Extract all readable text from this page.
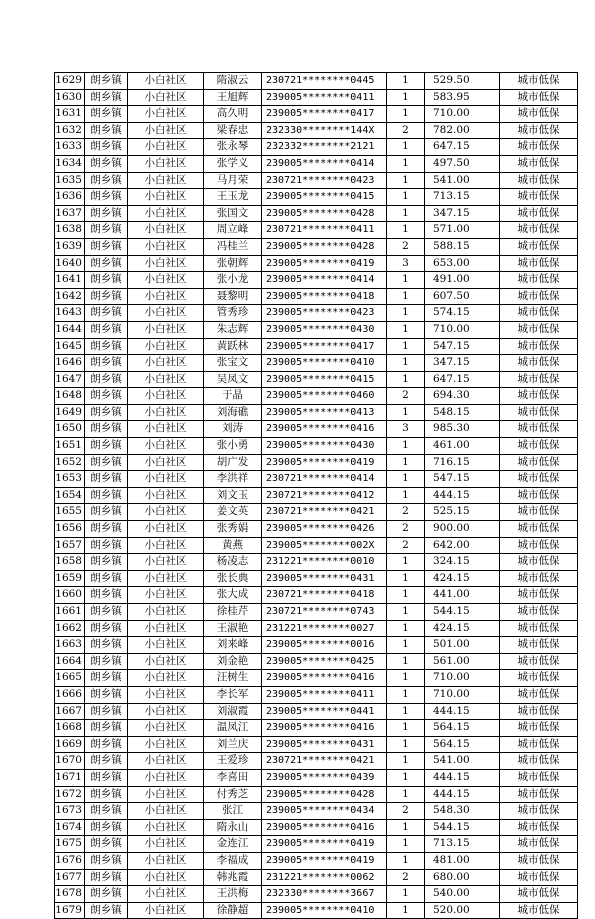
1629	朗乡镇	小白社区	隋淑云	230721********0445	1	529.50	城市低保
1630	朗乡镇	小白社区	王旭辉	239005********0411	1	583.95	城市低保
1631	朗乡镇	小白社区	高久明	239005********0417	1	710.00	城市低保
1632	朗乡镇	小白社区	梁春忠	232330********144X	2	782.00	城市低保
1633	朗乡镇	小白社区	张永琴	232332********2121	1	647.15	城市低保
1634	朗乡镇	小白社区	张学义	239005********0414	1	497.50	城市低保
1635	朗乡镇	小白社区	马月荣	230721********0423	1	541.00	城市低保
1636	朗乡镇	小白社区	王玉龙	239005********0415	1	713.15	城市低保
1637	朗乡镇	小白社区	张国文	239005********0428	1	347.15	城市低保
1638	朗乡镇	小白社区	周立峰	230721********0411	1	571.00	城市低保
1639	朗乡镇	小白社区	冯桂兰	239005********0428	2	588.15	城市低保
1640	朗乡镇	小白社区	张朝辉	239005********0419	3	653.00	城市低保
1641	朗乡镇	小白社区	张小龙	239005********0414	1	491.00	城市低保
1642	朗乡镇	小白社区	聂黎明	239005********0418	1	607.50	城市低保
1643	朗乡镇	小白社区	管秀珍	239005********0423	1	574.15	城市低保
1644	朗乡镇	小白社区	朱志辉	239005********0430	1	710.00	城市低保
1645	朗乡镇	小白社区	黄跃林	239005********0417	1	547.15	城市低保
1646	朗乡镇	小白社区	张宝文	239005********0410	1	347.15	城市低保
1647	朗乡镇	小白社区	吴凤文	239005********0415	1	647.15	城市低保
1648	朗乡镇	小白社区	于晶	239005********0460	2	694.30	城市低保
1649	朗乡镇	小白社区	刘海礁	239005********0413	1	548.15	城市低保
1650	朗乡镇	小白社区	刘涛	239005********0416	3	985.30	城市低保
1651	朗乡镇	小白社区	张小勇	239005********0430	1	461.00	城市低保
1652	朗乡镇	小白社区	胡广发	239005********0419	1	716.15	城市低保
1653	朗乡镇	小白社区	李洪祥	230721********0414	1	547.15	城市低保
1654	朗乡镇	小白社区	刘文玉	230721********0412	1	444.15	城市低保
1655	朗乡镇	小白社区	姜文英	230721********0421	2	525.15	城市低保
1656	朗乡镇	小白社区	张秀娟	239005********0426	2	900.00	城市低保
1657	朗乡镇	小白社区	黄燕	239005********002X	2	642.00	城市低保
1658	朗乡镇	小白社区	杨凌志	231221********0010	1	324.15	城市低保
1659	朗乡镇	小白社区	张长典	239005********0431	1	424.15	城市低保
1660	朗乡镇	小白社区	张大成	230721********0418	1	441.00	城市低保
1661	朗乡镇	小白社区	徐桂芹	230721********0743	1	544.15	城市低保
1662	朗乡镇	小白社区	王淑艳	231221********0027	1	424.15	城市低保
1663	朗乡镇	小白社区	刘来峰	239005********0016	1	501.00	城市低保
1664	朗乡镇	小白社区	刘金艳	239005********0425	1	561.00	城市低保
1665	朗乡镇	小白社区	汪树生	239005********0416	1	710.00	城市低保
1666	朗乡镇	小白社区	李长军	239005********0411	1	710.00	城市低保
1667	朗乡镇	小白社区	刘淑霞	239005********0441	1	444.15	城市低保
1668	朗乡镇	小白社区	温凤江	239005********0416	1	564.15	城市低保
1669	朗乡镇	小白社区	刘兰庆	239005********0431	1	564.15	城市低保
1670	朗乡镇	小白社区	王爱珍	230721********0421	1	541.00	城市低保
1671	朗乡镇	小白社区	李喜田	239005********0439	1	444.15	城市低保
1672	朗乡镇	小白社区	付秀芝	239005********0428	1	444.15	城市低保
1673	朗乡镇	小白社区	张江	239005********0434	2	548.30	城市低保
1674	朗乡镇	小白社区	隋永山	239005********0416	1	544.15	城市低保
1675	朗乡镇	小白社区	金连江	239005********0419	1	713.15	城市低保
1676	朗乡镇	小白社区	李福成	239005********0419	1	481.00	城市低保
1677	朗乡镇	小白社区	韩兆霞	231221********0062	2	680.00	城市低保
1678	朗乡镇	小白社区	王洪梅	232330********3667	1	540.00	城市低保
1679	朗乡镇	小白社区	徐静超	239005********0410	1	520.00	城市低保
